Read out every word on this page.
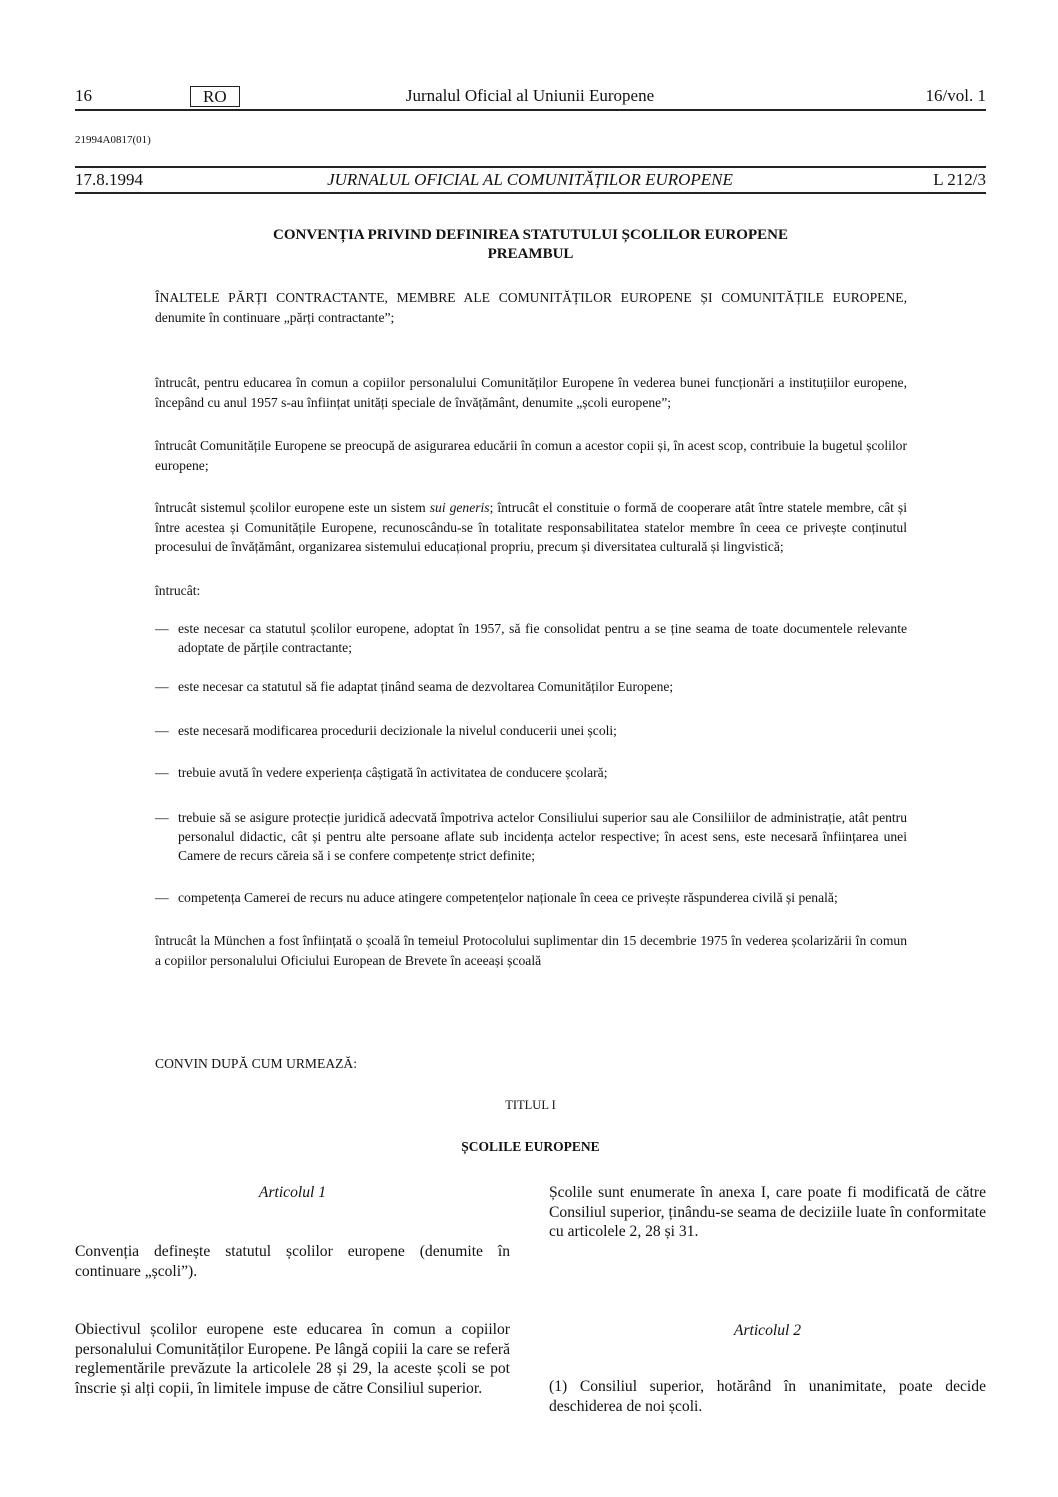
16	RO	Jurnalul Oficial al Uniunii Europene	16/vol. 1
21994A0817(01)
17.8.1994	JURNALUL OFICIAL AL COMUNITĂȚILOR EUROPENE	L 212/3
CONVENȚIA PRIVIND DEFINIREA STATUTULUI ȘCOLILOR EUROPENE
PREAMBUL
ÎNALTELE PĂRȚI CONTRACTANTE, MEMBRE ALE COMUNITĂȚILOR EUROPENE ȘI COMUNITĂȚILE EUROPENE, denumite în continuare „părți contractante”;
întrucât, pentru educarea în comun a copiilor personalului Comunităților Europene în vederea bunei funcționări a instituțiilor europene, începând cu anul 1957 s-au înființat unități speciale de învățământ, denumite „școli europene”;
întrucât Comunitățile Europene se preocupă de asigurarea educării în comun a acestor copii și, în acest scop, contribuie la bugetul școlilor europene;
întrucât sistemul școlilor europene este un sistem sui generis; întrucât el constituie o formă de cooperare atât între statele membre, cât și între acestea și Comunitățile Europene, recunoscându-se în totalitate responsabilitatea statelor membre în ceea ce privește conținutul procesului de învățământ, organizarea sistemului educațional propriu, precum și diversitatea culturală și lingvistică;
întrucât:
— este necesar ca statutul școlilor europene, adoptat în 1957, să fie consolidat pentru a se ține seama de toate documentele relevante adoptate de părțile contractante;
— este necesar ca statutul să fie adaptat ținând seama de dezvoltarea Comunităților Europene;
— este necesară modificarea procedurii decizionale la nivelul conducerii unei școli;
— trebuie avută în vedere experiența câștigată în activitatea de conducere școlară;
— trebuie să se asigure protecție juridică adecvată împotriva actelor Consiliului superior sau ale Consiliilor de administrație, atât pentru personalul didactic, cât și pentru alte persoane aflate sub incidența actelor respective; în acest sens, este necesară înființarea unei Camere de recurs căreia să i se confere competențe strict definite;
— competența Camerei de recurs nu aduce atingere competențelor naționale în ceea ce privește răspunderea civilă și penală;
întrucât la München a fost înființată o școală în temeiul Protocolului suplimentar din 15 decembrie 1975 în vederea școlarizării în comun a copiilor personalului Oficiului European de Brevete în aceeași școală
CONVIN DUPĂ CUM URMEAZĂ:
TITLUL I
ȘCOLILE EUROPENE
Articolul 1
Convenția definește statutul școlilor europene (denumite în continuare „școli”).
Obiectivul școlilor europene este educarea în comun a copiilor personalului Comunităților Europene. Pe lângă copiii la care se referă reglementările prevăzute la articolele 28 și 29, la aceste școli se pot înscrie și alți copii, în limitele impuse de către Consiliul superior.
Școlile sunt enumerate în anexa I, care poate fi modificată de către Consiliul superior, ținându-se seama de deciziile luate în conformitate cu articolele 2, 28 și 31.
Articolul 2
(1) Consiliul superior, hotărând în unanimitate, poate decide deschiderea de noi școli.
